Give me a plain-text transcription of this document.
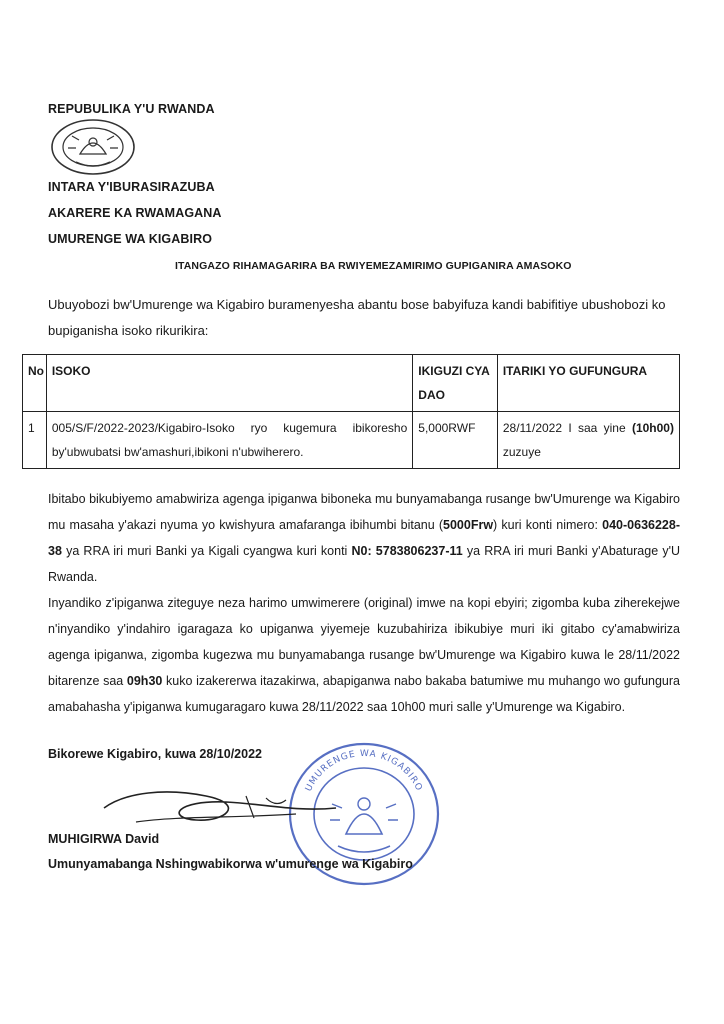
REPUBULIKA Y'U RWANDA
INTARA Y'IBURASIRAZUBA
AKARERE KA RWAMAGANA
UMURENGE WA KIGABIRO
ITANGAZO RIHAMAGARIRA BA RWIYEMEZAMIRIMO GUPIGANIRA AMASOKO
Ubuyobozi bw'Umurenge wa Kigabiro buramenyesha abantu bose babyifuza kandi babifitiye ubushobozi ko bupiganisha isoko rikurikira:
No	ISOKO	IKIGUZI CYA DAO	ITARIKI YO GUFUNGURA
1	005/S/F/2022-2023/Kigabiro-Isoko ryo kugemura ibikoresho by'ubwubatsi bw'amashuri,ibikoni n'ubwiherero.	5,000RWF	28/11/2022 I saa yine (10h00) zuzuye

Ibitabo bikubiyemo amabwiriza agenga ipiganwa biboneka mu bunyamabanga rusange bw'Umurenge wa Kigabiro mu masaha y'akazi nyuma yo kwishyura amafaranga ibihumbi bitanu (5000Frw) kuri konti nimero: 040-0636228-38 ya RRA iri muri Banki ya Kigali cyangwa kuri konti N0: 5783806237-11 ya RRA iri muri Banki y'Abaturage y'U Rwanda.

Inyandiko z'ipiganwa ziteguye neza harimo umwimerere (original) imwe na kopi ebyiri; zigomba kuba ziherekejwe n'inyandiko y'indahiro igaragaza ko upiganwa yiyemeje kuzubahiriza ibikubiye muri iki gitabo cy'amabwiriza agenga ipiganwa, zigomba kugezwa mu bunyamabanga rusange bw'Umurenge wa Kigabiro kuwa le 28/11/2022 bitarenze saa 09h30 kuko izakererwa itazakirwa, abapiganwa nabo bakaba batumiwe mu muhango wo gufungura amabahasha y'ipiganwa kumugaragaro kuwa 28/11/2022 saa 10h00 muri salle y'Umurenge wa Kigabiro.

Bikorewe Kigabiro, kuwa 28/10/2022
UMURENGE WA KIGABIRO
MUHIGIRWA David
Umunyamabanga Nshingwabikorwa w'umurenge wa Kigabiro
